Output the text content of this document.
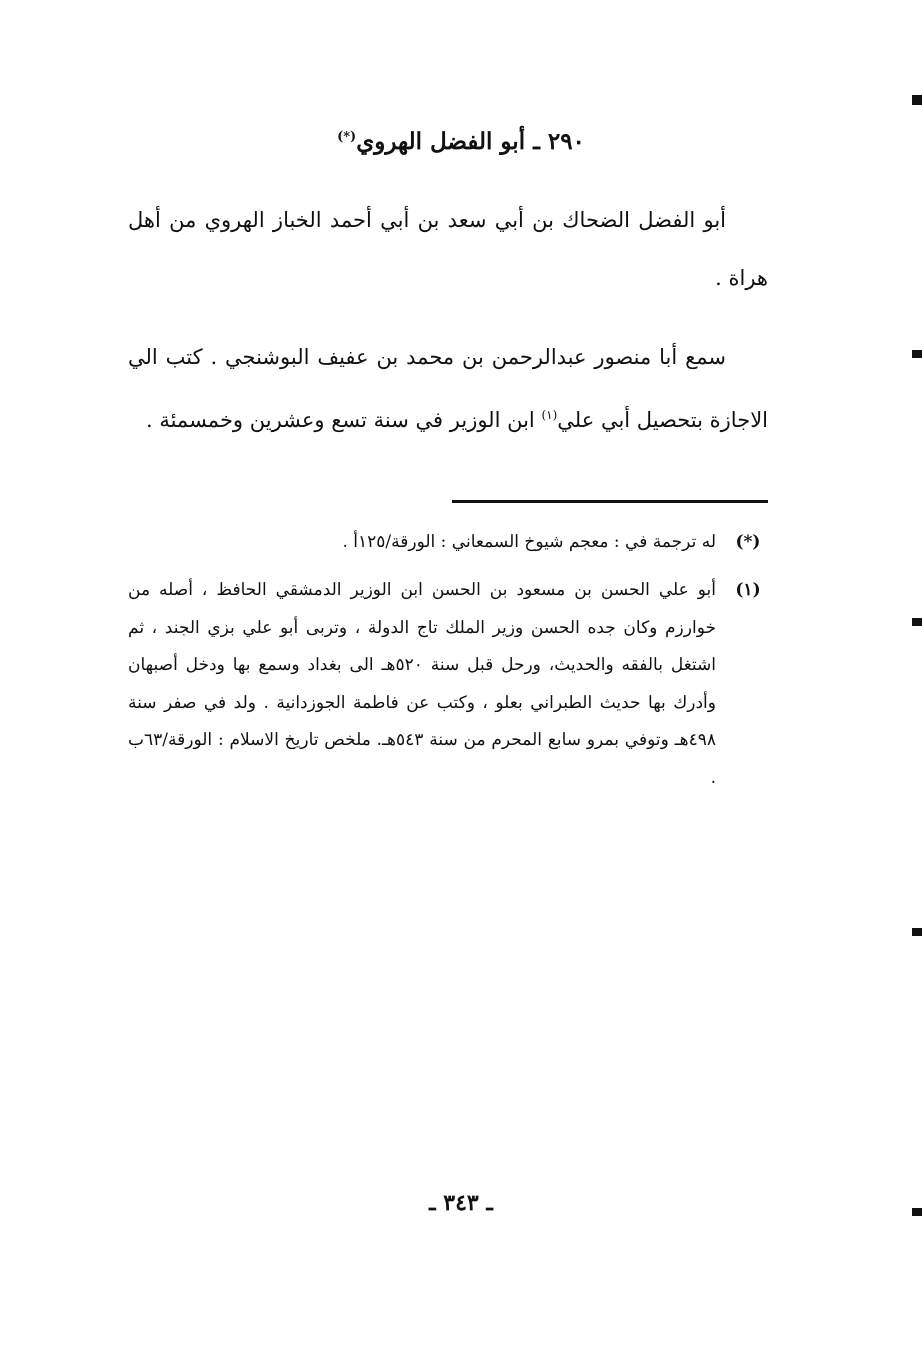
٢٩٠ ـ أبو الفضل الهروي(*)
أبو الفضل الضحاك بن أبي سعد بن أبي أحمد الخباز الهروي من أهل هراة .
سمع أبا منصور عبدالرحمن بن محمد بن عفيف البوشنجي . كتب الي الاجازة بتحصيل أبي علي$^{(١)}$ ابن الوزير في سنة تسع وعشرين وخمسمئة .
(*)
له ترجمة في : معجم شيوخ السمعاني : الورقة/١٢٥أ .
(١)
أبو علي الحسن بن مسعود بن الحسن ابن الوزير الدمشقي الحافظ ، أصله من خوارزم وكان جده الحسن وزير الملك تاج الدولة ، وتربى أبو علي بزي الجند ، ثم اشتغل بالفقه والحديث، ورحل قبل سنة ٥٢٠هـ الى بغداد وسمع بها ودخل أصبهان وأدرك بها حديث الطبراني بعلو ، وكتب عن فاطمة الجوزدانية . ولد في صفر سنة ٤٩٨هـ وتوفي بمرو سابع المحرم من سنة ٥٤٣هـ. ملخص تاريخ الاسلام : الورقة/٦٣ب .
ـ ٣٤٣ ـ
